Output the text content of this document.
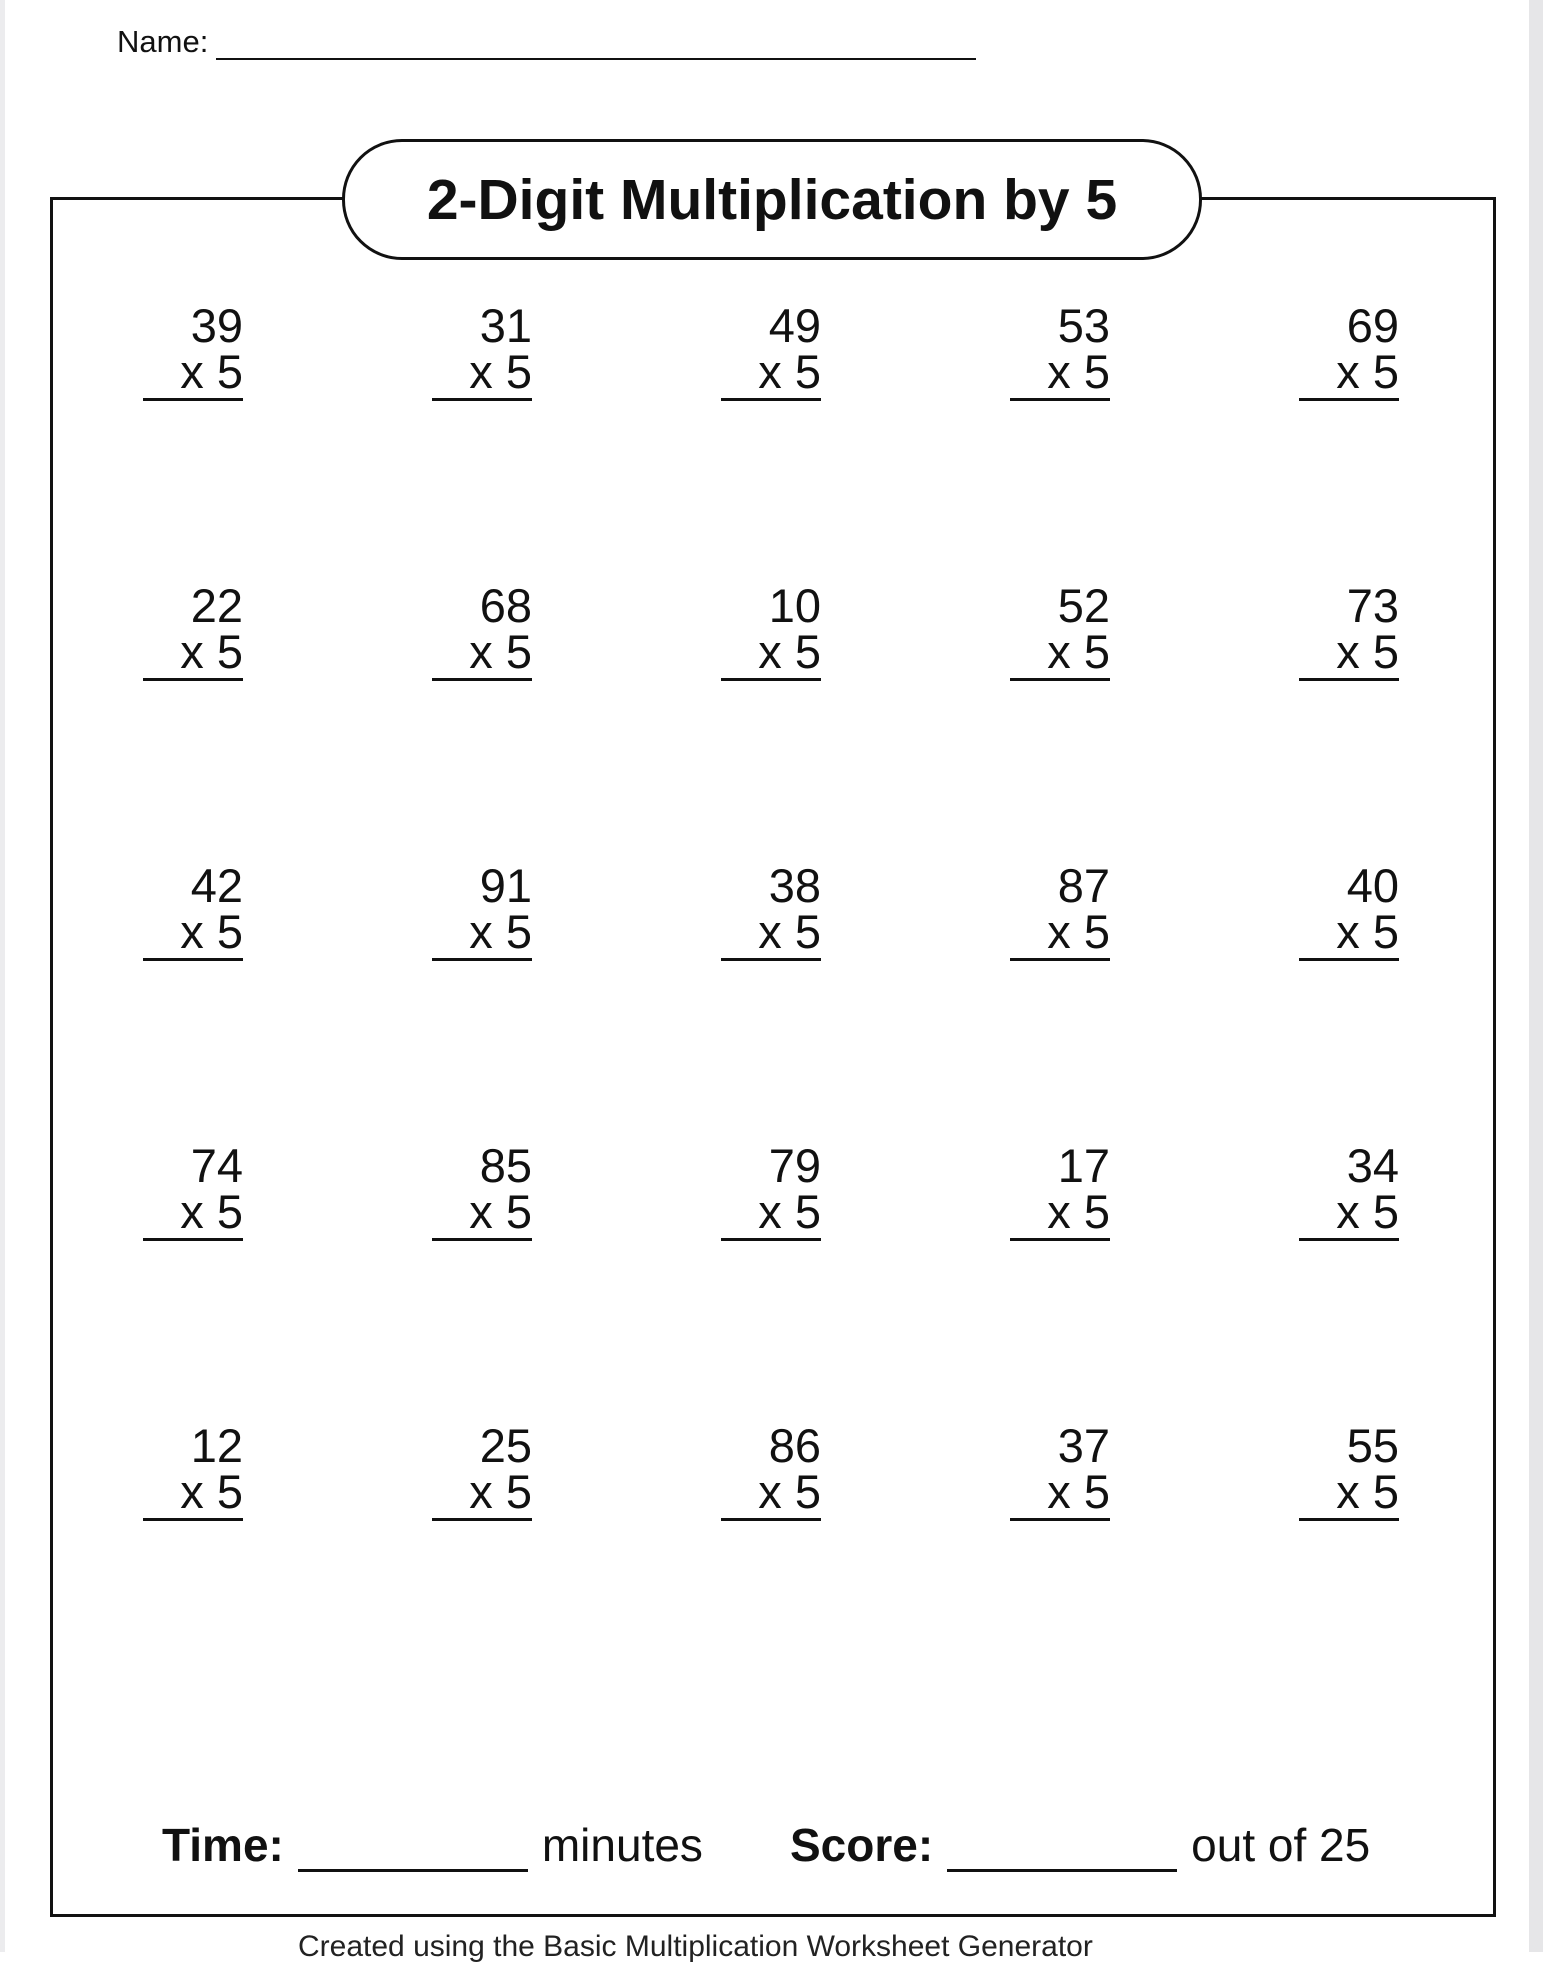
Name:
2-Digit Multiplication by 5
39
x 5
31
x 5
49
x 5
53
x 5
69
x 5
22
x 5
68
x 5
10
x 5
52
x 5
73
x 5
42
x 5
91
x 5
38
x 5
87
x 5
40
x 5
74
x 5
85
x 5
79
x 5
17
x 5
34
x 5
12
x 5
25
x 5
86
x 5
37
x 5
55
x 5
Time:	minutes Score:	out of 25
Created using the Basic Multiplication Worksheet Generator
